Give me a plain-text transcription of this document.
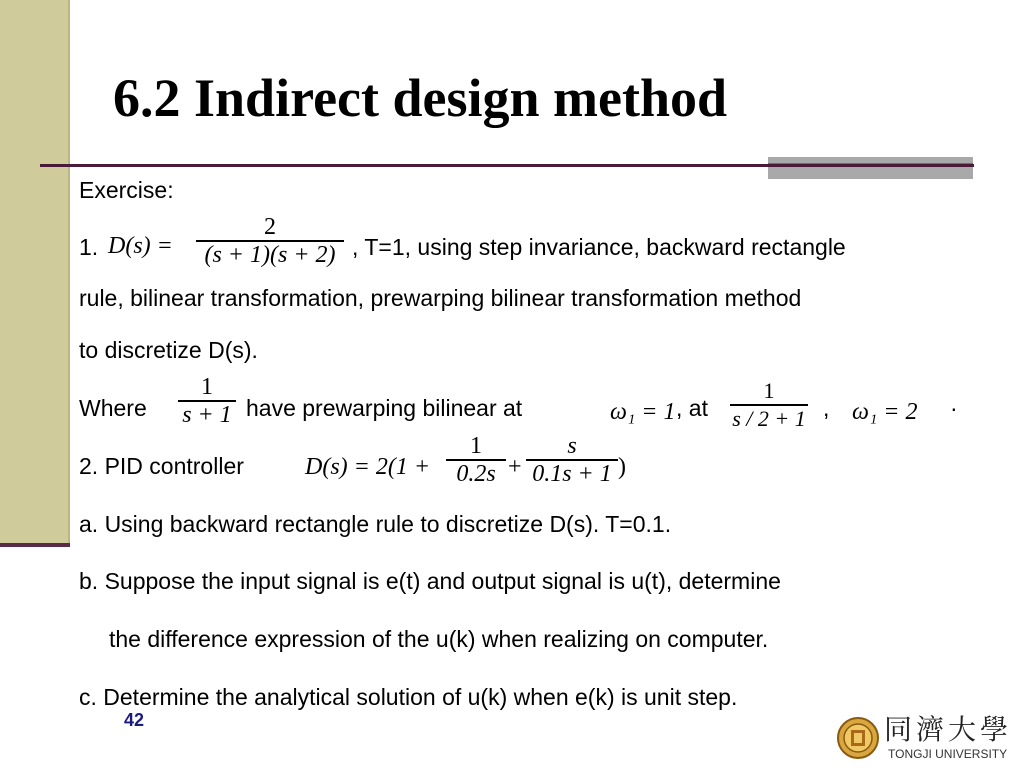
6.2 Indirect design method
Exercise:
1. D(s) =
2
(s + 1)(s + 2) , T=1, using step invariance, backward rectangle
rule, bilinear transformation, prewarping bilinear transformation method
to discretize D(s).
Where
1
s + 1 have prewarping bilinear at	ω₁ = 1 , at
1
s / 2 + 1 , ω₁ = 2 ·
2. PID controller	D(s) = 2(1 +
1
0.2s +
s
0.1s + 1 )
a. Using backward rectangle rule to discretize D(s). T=0.1.
b. Suppose the input signal is e(t) and output signal is u(t), determine
the difference expression of the u(k) when realizing on computer.
c. Determine the analytical solution of u(k) when e(k) is unit step.
42	同濟大學
TONGJI UNIVERSITY
